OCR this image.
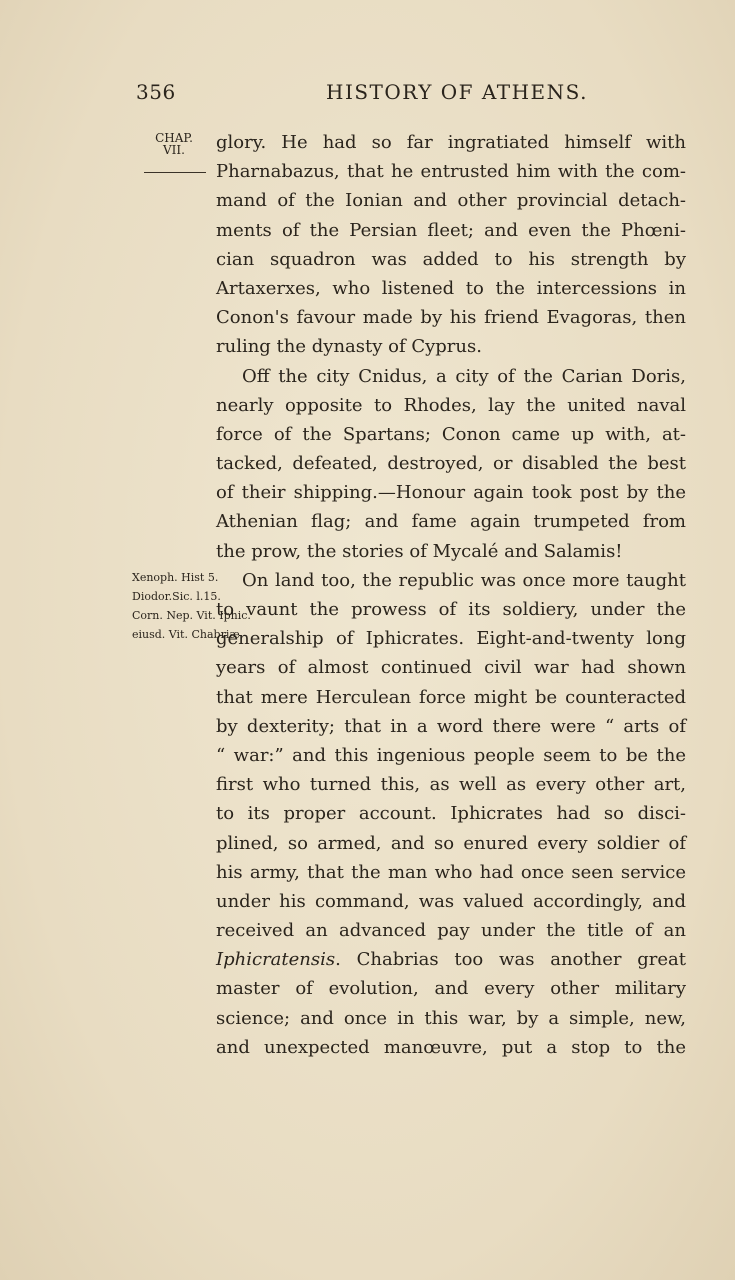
356	HISTORY OF ATHENS.
CHAP. VII.	glory. He had so far ingratiated himself with
Pharnabazus, that he entrusted him with the com-
mand of the Ionian and other provincial detach-
ments of the Persian fleet; and even the Phœni-
cian squadron was added to his strength by
Artaxerxes, who listened to the intercessions in
Conon's favour made by his friend Evagoras, then
ruling the dynasty of Cyprus.
Off the city Cnidus, a city of the Carian Doris,
nearly opposite to Rhodes, lay the united naval
force of the Spartans; Conon came up with, at-
tacked, defeated, destroyed, or disabled the best
of their shipping.—Honour again took post by the
Athenian flag; and fame again trumpeted from
the prow, the stories of Mycalé and Salamis!
On land too, the republic was once more taught
to vaunt the prowess of its soldiery, under the
generalship of Iphicrates. Eight-and-twenty long
years of almost continued civil war had shown
that mere Herculean force might be counteracted
by dexterity; that in a word there were “ arts of
“ war:” and this ingenious people seem to be the
first who turned this, as well as every other art,
to its proper account. Iphicrates had so disci-
plined, so armed, and so enured every soldier of
his army, that the man who had once seen service
under his command, was valued accordingly, and
received an advanced pay under the title of an
Iphicratensis. Chabrias too was another great
master of evolution, and every other military
science; and once in this war, by a simple, new,
and unexpected manœuvre, put a stop to the
Xenoph. Hist 5.
Diodor.Sic. l.15.
Corn. Nep. Vit. Iphic.
eiusd. Vit. Chabriæ.
